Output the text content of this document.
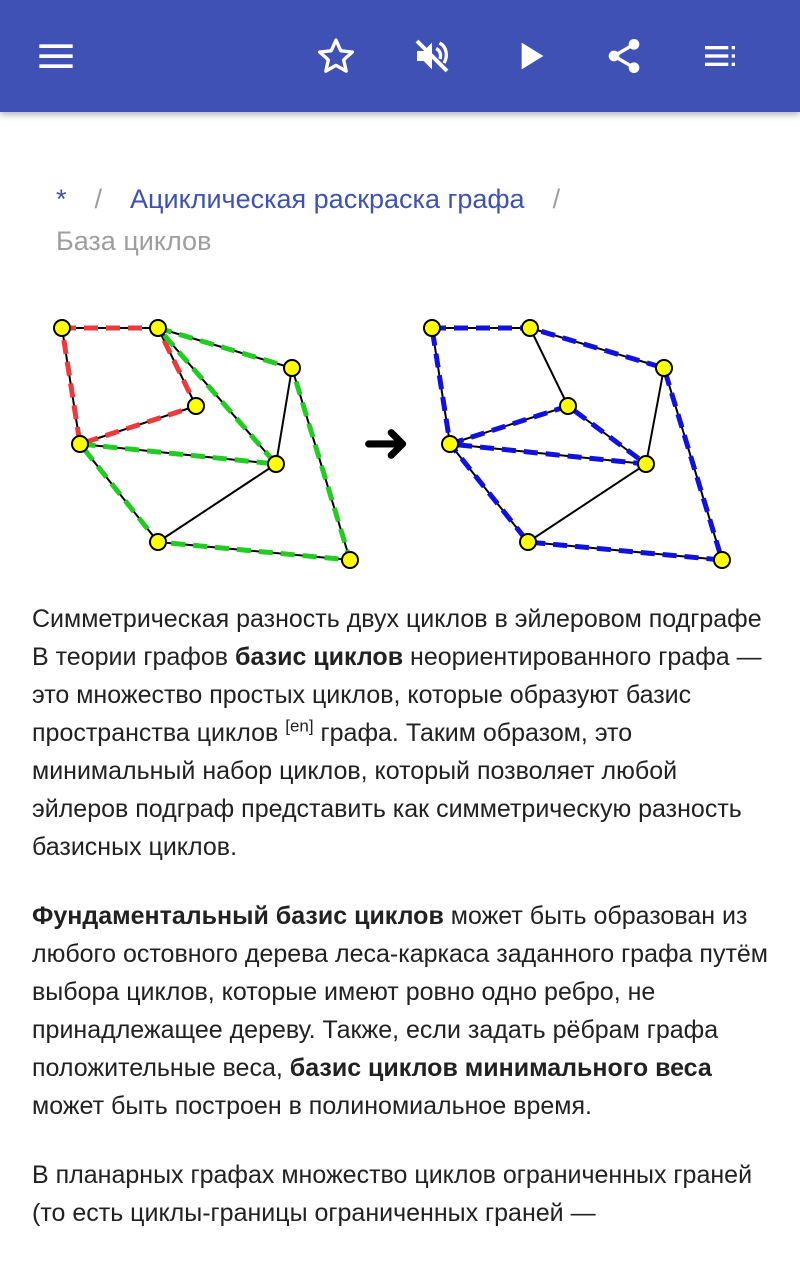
* / Ациклическая раскраска графа /
База циклов
➜

Симметрическая разность двух циклов в эйлеровом подграфе

В теории графов базис циклов неориентированного графа — это множество простых циклов, которые образуют базис пространства циклов [en] графа. Таким образом, это минимальный набор циклов, который позволяет любой эйлеров подграф представить как симметрическую разность базисных циклов.

Фундаментальный базис циклов может быть образован из любого остовного дерева леса-каркаса заданного графа путём выбора циклов, которые имеют ровно одно ребро, не принадлежащее дереву. Также, если задать рёбрам графа положительные веса, базис циклов минимального веса может быть построен в полиномиальное время.

В планарных графах множество циклов ограниченных граней (то есть циклы-границы ограниченных граней —
